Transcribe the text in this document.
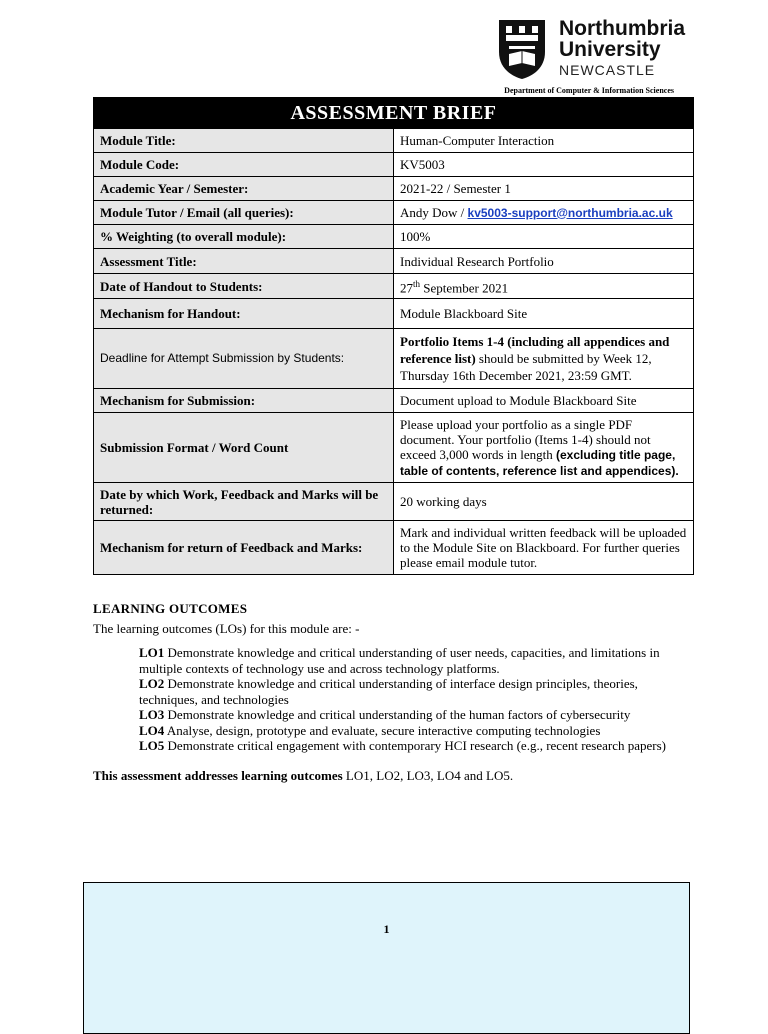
Northumbria
University
NEWCASTLE
Department of Computer & Information Sciences
ASSESSMENT BRIEF	
Module Title:	Human-Computer Interaction
Module Code:	KV5003
Academic Year / Semester:	2021-22 / Semester 1
Module Tutor / Email (all queries):	Andy Dow / kv5003-support@northumbria.ac.uk
% Weighting (to overall module):	100%
Assessment Title:	Individual Research Portfolio
Date of Handout to Students:	27th September 2021
Mechanism for Handout:	Module Blackboard Site
Deadline for Attempt Submission by Students:	Portfolio Items 1-4 (including all appendices and reference list) should be submitted by Week 12, Thursday 16th December 2021, 23:59 GMT.
Mechanism for Submission:	Document upload to Module Blackboard Site
Submission Format / Word Count	Please upload your portfolio as a single PDF document. Your portfolio (Items 1-4) should not exceed 3,000 words in length (excluding title page, table of contents, reference list and appendices).
Date by which Work, Feedback and Marks will be returned:	20 working days
Mechanism for return of Feedback and Marks:	Mark and individual written feedback will be uploaded to the Module Site on Blackboard. For further queries please email module tutor.
LEARNING OUTCOMES
The learning outcomes (LOs) for this module are: -
LO1 Demonstrate knowledge and critical understanding of user needs, capacities, and limitations in multiple contexts of technology use and across technology platforms.
LO2 Demonstrate knowledge and critical understanding of interface design principles, theories, techniques, and technologies
LO3 Demonstrate knowledge and critical understanding of the human factors of cybersecurity
LO4 Analyse, design, prototype and evaluate, secure interactive computing technologies
LO5 Demonstrate critical engagement with contemporary HCI research (e.g., recent research papers)
This assessment addresses learning outcomes LO1, LO2, LO3, LO4 and LO5.
1
